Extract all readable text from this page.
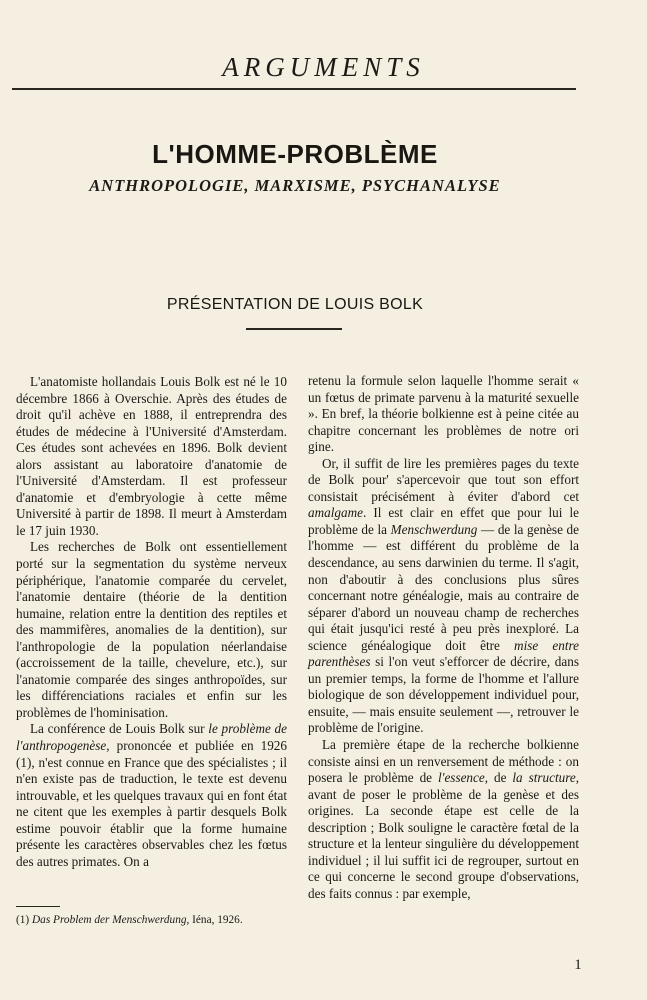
ARGUMENTS
L'HOMME-PROBLÈME
ANTHROPOLOGIE, MARXISME, PSYCHANALYSE
PRÉSENTATION DE LOUIS BOLK

L'anatomiste hollandais Louis Bolk est né le 10 décembre 1866 à Overschie. Après des études de droit qu'il achève en 1888, il entreprendra des études de médecine à l'Université d'Amsterdam. Ces études sont achevées en 1896. Bolk devient alors assistant au laboratoire d'anatomie de l'Université d'Amsterdam. Il est professeur d'anatomie et d'embryologie à cette même Université à partir de 1898. Il meurt à Amsterdam le 17 juin 1930.

Les recherches de Bolk ont essentiellement porté sur la segmentation du système nerveux périphérique, l'anatomie comparée du cervelet, l'anatomie dentaire (théorie de la dentition humaine, relation entre la dentition des reptiles et des mammifères, anomalies de la dentition), sur l'anthropologie de la population néerlandaise (accroissement de la taille, chevelure, etc.), sur l'anatomie comparée des singes anthropoïdes, sur les différenciations raciales et enfin sur les problèmes de l'hominisation.

La conférence de Louis Bolk sur le problème de l'anthropogenèse, prononcée et publiée en 1926 (1), n'est connue en France que des spécialistes ; il n'en existe pas de traduction, le texte est devenu introuvable, et les quelques travaux qui en font état ne citent que les exemples à partir desquels Bolk estime pouvoir établir que la forme humaine présente les caractères observables chez les fœtus des autres primates. On a

retenu la formule selon laquelle l'homme serait « un fœtus de primate parvenu à la maturité sexuelle ». En bref, la théorie bolkienne est à peine citée au chapitre concernant les problèmes de notre ori gine.

Or, il suffit de lire les premières pages du texte de Bolk pour' s'apercevoir que tout son effort consistait précisément à éviter d'abord cet amalgame. Il est clair en effet que pour lui le problème de la Menschwerdung — de la genèse de l'homme — est différent du problème de la descendance, au sens darwinien du terme. Il s'agit, non d'aboutir à des conclusions plus sûres concernant notre généalogie, mais au contraire de séparer d'abord un nouveau champ de recherches qui était jusqu'ici resté à peu près inexploré. La science généalogique doit être mise entre parenthèses si l'on veut s'efforcer de décrire, dans un premier temps, la forme de l'homme et l'allure biologique de son développement individuel pour, ensuite, — mais ensuite seulement —, retrouver le problème de l'origine.

La première étape de la recherche bolkienne consiste ainsi en un renversement de méthode : on posera le problème de l'essence, de la structure, avant de poser le problème de la genèse et des origines. La seconde étape est celle de la description ; Bolk souligne le caractère fœtal de la structure et la lenteur singulière du développement individuel ; il lui suffit ici de regrouper, surtout en ce qui concerne le second groupe d'observations, des faits connus : par exemple,

(1) Das Problem der Menschwerdung, Iéna, 1926.
1
